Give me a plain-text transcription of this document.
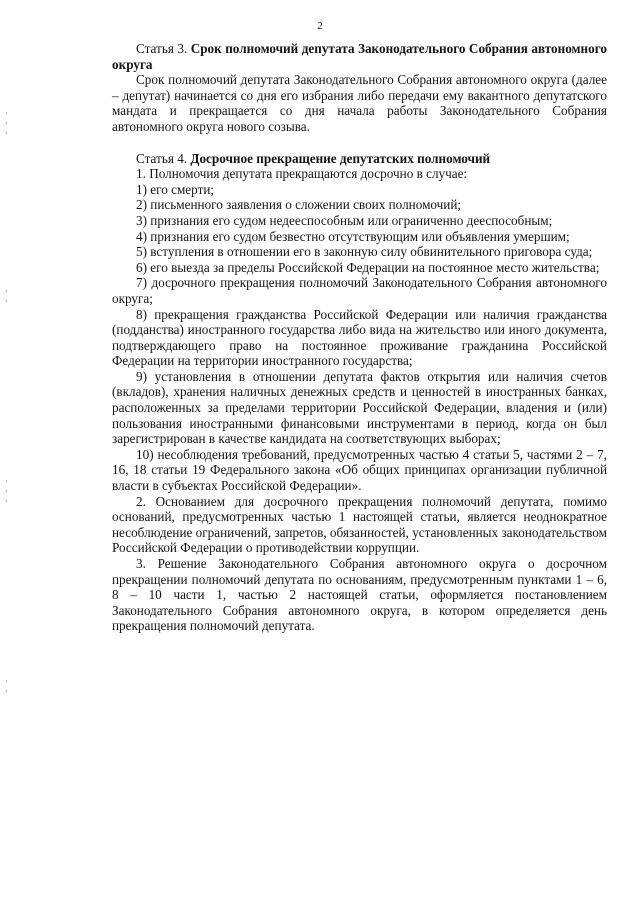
2

Статья 3. Срок полномочий депутата Законодательного Собрания автономного округа

Срок полномочий депутата Законодательного Собрания автономного округа (далее – депутат) начинается со дня его избрания либо передачи ему вакантного депутатского мандата и прекращается со дня начала работы Законодательного Собрания автономного округа нового созыва.

Статья 4. Досрочное прекращение депутатских полномочий

1. Полномочия депутата прекращаются досрочно в случае:

1) его смерти;

2) письменного заявления о сложении своих полномочий;

3) признания его судом недееспособным или ограниченно дееспособным;

4) признания его судом безвестно отсутствующим или объявления умершим;

5) вступления в отношении его в законную силу обвинительного приговора суда;

6) его выезда за пределы Российской Федерации на постоянное место жительства;

7) досрочного прекращения полномочий Законодательного Собрания автономного округа;

8) прекращения гражданства Российской Федерации или наличия гражданства (подданства) иностранного государства либо вида на жительство или иного документа, подтверждающего право на постоянное проживание гражданина Российской Федерации на территории иностранного государства;

9) установления в отношении депутата фактов открытия или наличия счетов (вкладов), хранения наличных денежных средств и ценностей в иностранных банках, расположенных за пределами территории Российской Федерации, владения и (или) пользования иностранными финансовыми инструментами в период, когда он был зарегистрирован в качестве кандидата на соответствующих выборах;

10) несоблюдения требований, предусмотренных частью 4 статьи 5, частями 2 – 7, 16, 18 статьи 19 Федерального закона «Об общих принципах организации публичной власти в субъектах Российской Федерации».

2. Основанием для досрочного прекращения полномочий депутата, помимо оснований, предусмотренных частью 1 настоящей статьи, является неоднократное несоблюдение ограничений, запретов, обязанностей, установленных законодательством Российской Федерации о противодействии коррупции.

3. Решение Законодательного Собрания автономного округа о досрочном прекращении полномочий депутата по основаниям, предусмотренным пунктами 1 – 6, 8 – 10 части 1, частью 2 настоящей статьи, оформляется постановлением Законодательного Собрания автономного округа, в котором определяется день прекращения полномочий депутата.
